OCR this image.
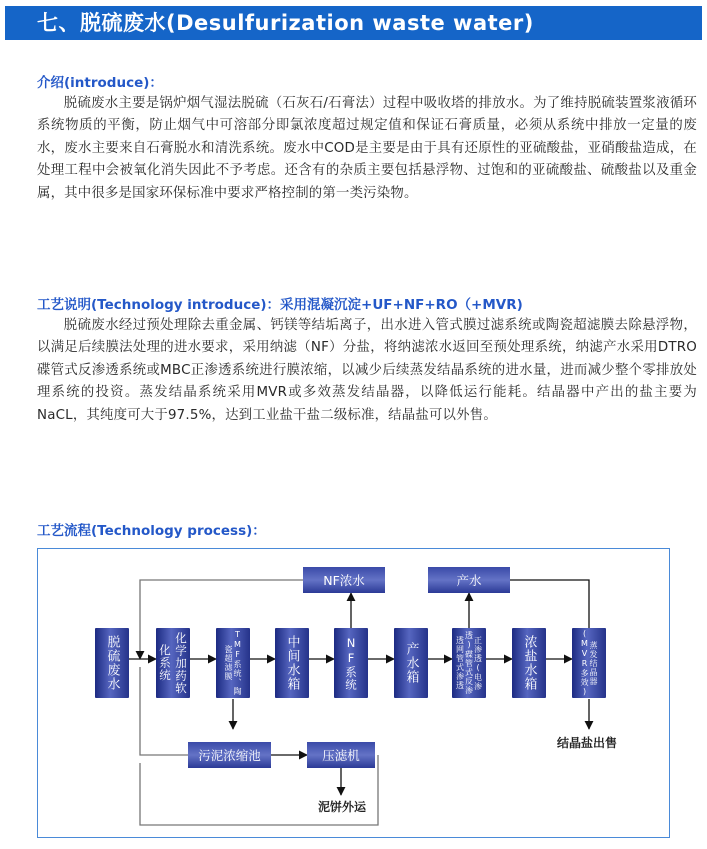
七、脱硫废水(Desulfurization waste water)
介绍(introduce)：

脱硫废水主要是锅炉烟气湿法脱硫（石灰石/石膏法）过程中吸收塔的排放水。为了维持脱硫装置浆液循环系统物质的平衡，防止烟气中可溶部分即氯浓度超过规定值和保证石膏质量，必须从系统中排放一定量的废水，废水主要来自石膏脱水和清洗系统。废水中COD是主要是由于具有还原性的亚硫酸盐，亚硝酸盐造成，在处理工程中会被氧化消失因此不予考虑。还含有的杂质主要包括悬浮物、过饱和的亚硫酸盐、硫酸盐以及重金属，其中很多是国家环保标准中要求严格控制的第一类污染物。

工艺说明(Technology introduce)：采用混凝沉淀+UF+NF+RO（+MVR)

脱硫废水经过预处理除去重金属、钙镁等结垢离子，出水进入管式膜过滤系统或陶瓷超滤膜去除悬浮物，以满足后续膜法处理的进水要求，采用纳滤（NF）分盐，将纳滤浓水返回至预处理系统，纳滤产水采用DTRO碟管式反渗透系统或MBC正渗透系统进行膜浓缩，以减少后续蒸发结晶系统的进水量，进而减少整个零排放处理系统的投资。蒸发结晶系统采用MVR或多效蒸发结晶器，以降低运行能耗。结晶器中产出的盐主要为NaCL，其纯度可大于97.5%，达到工业盐干盐二级标准，结晶盐可以外售。

工艺流程(Technology process)：
脱硫废水	化学加药软化系统	TMF系统、陶瓷超滤膜	中间水箱	NF系统	产水箱	正渗透(电渗透)碟管式反渗透网管式渗透	浓盐水箱	蒸发结晶器(MVR多效)
NF浓水	产水
污泥浓缩池	压滤机
泥饼外运
结晶盐出售
